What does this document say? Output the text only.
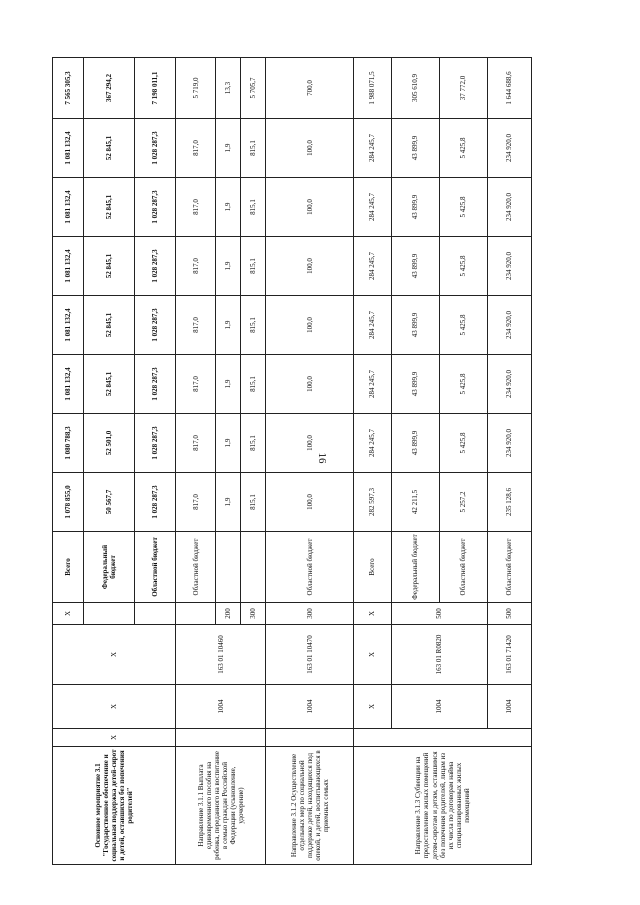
16
Основное мероприятие 3.1 "Государственное обеспечение и социальная поддержка детей-сирот и детей, оставшихся без попечения родителей"	Х	Х	Х	Х	Всего	1 078 855,0	1 080 788,3	1 081 132,4	1 081 132,4	1 081 132,4	1 081 132,4	1 081 132,4	7 565 305,3
					Федеральный бюджет	50 567,7	52 501,0	52 845,1	52 845,1	52 845,1	52 845,1	52 845,1	367 294,2
					Областной бюджет	1 028 287,3	1 028 287,3	1 028 287,3	1 028 287,3	1 028 287,3	1 028 287,3	1 028 287,3	7 198 011,1
Направление 3.1.1 Выплата единовременного пособия на ребенка, переданного на воспитание в семью граждан Российской Федерации (усыновление, удочерение)		1004	163 01 10460		Областной бюджет	817,0	817,0	817,0	817,0	817,0	817,0	817,0	5 719,0
				200		1,9	1,9	1,9	1,9	1,9	1,9	1,9	13,3
				300		815,1	815,1	815,1	815,1	815,1	815,1	815,1	5 705,7
Направление 3.1.2 Осуществление отдельных мер по социальной поддержке детей, находящихся под опекой, и детей, воспитывающихся в приемных семьях		1004	163 01 10470	300	Областной бюджет	100,0	100,0	100,0	100,0	100,0	100,0	100,0	700,0
Направление 3.1.3 Субвенции на предоставление жилых помещений детям-сиротам и детям, оставшимся без попечения родителей, лицам из их числа по договорам найма специализированных жилых помещений		Х	Х	Х	Всего	282 597,3	284 245,7	284 245,7	284 245,7	284 245,7	284 245,7	284 245,7	1 988 071,5
		1004	163 01 R0820	500	Федеральный бюджет	42 211,5	43 899,9	43 899,9	43 899,9	43 899,9	43 899,9	43 899,9	305 610,9
					Областной бюджет	5 257,2	5 425,8	5 425,8	5 425,8	5 425,8	5 425,8	5 425,8	37 772,0
		1004	163 01 71420	500	Областной бюджет	235 128,6	234 920,0	234 920,0	234 920,0	234 920,0	234 920,0	234 920,0	1 644 688,6
